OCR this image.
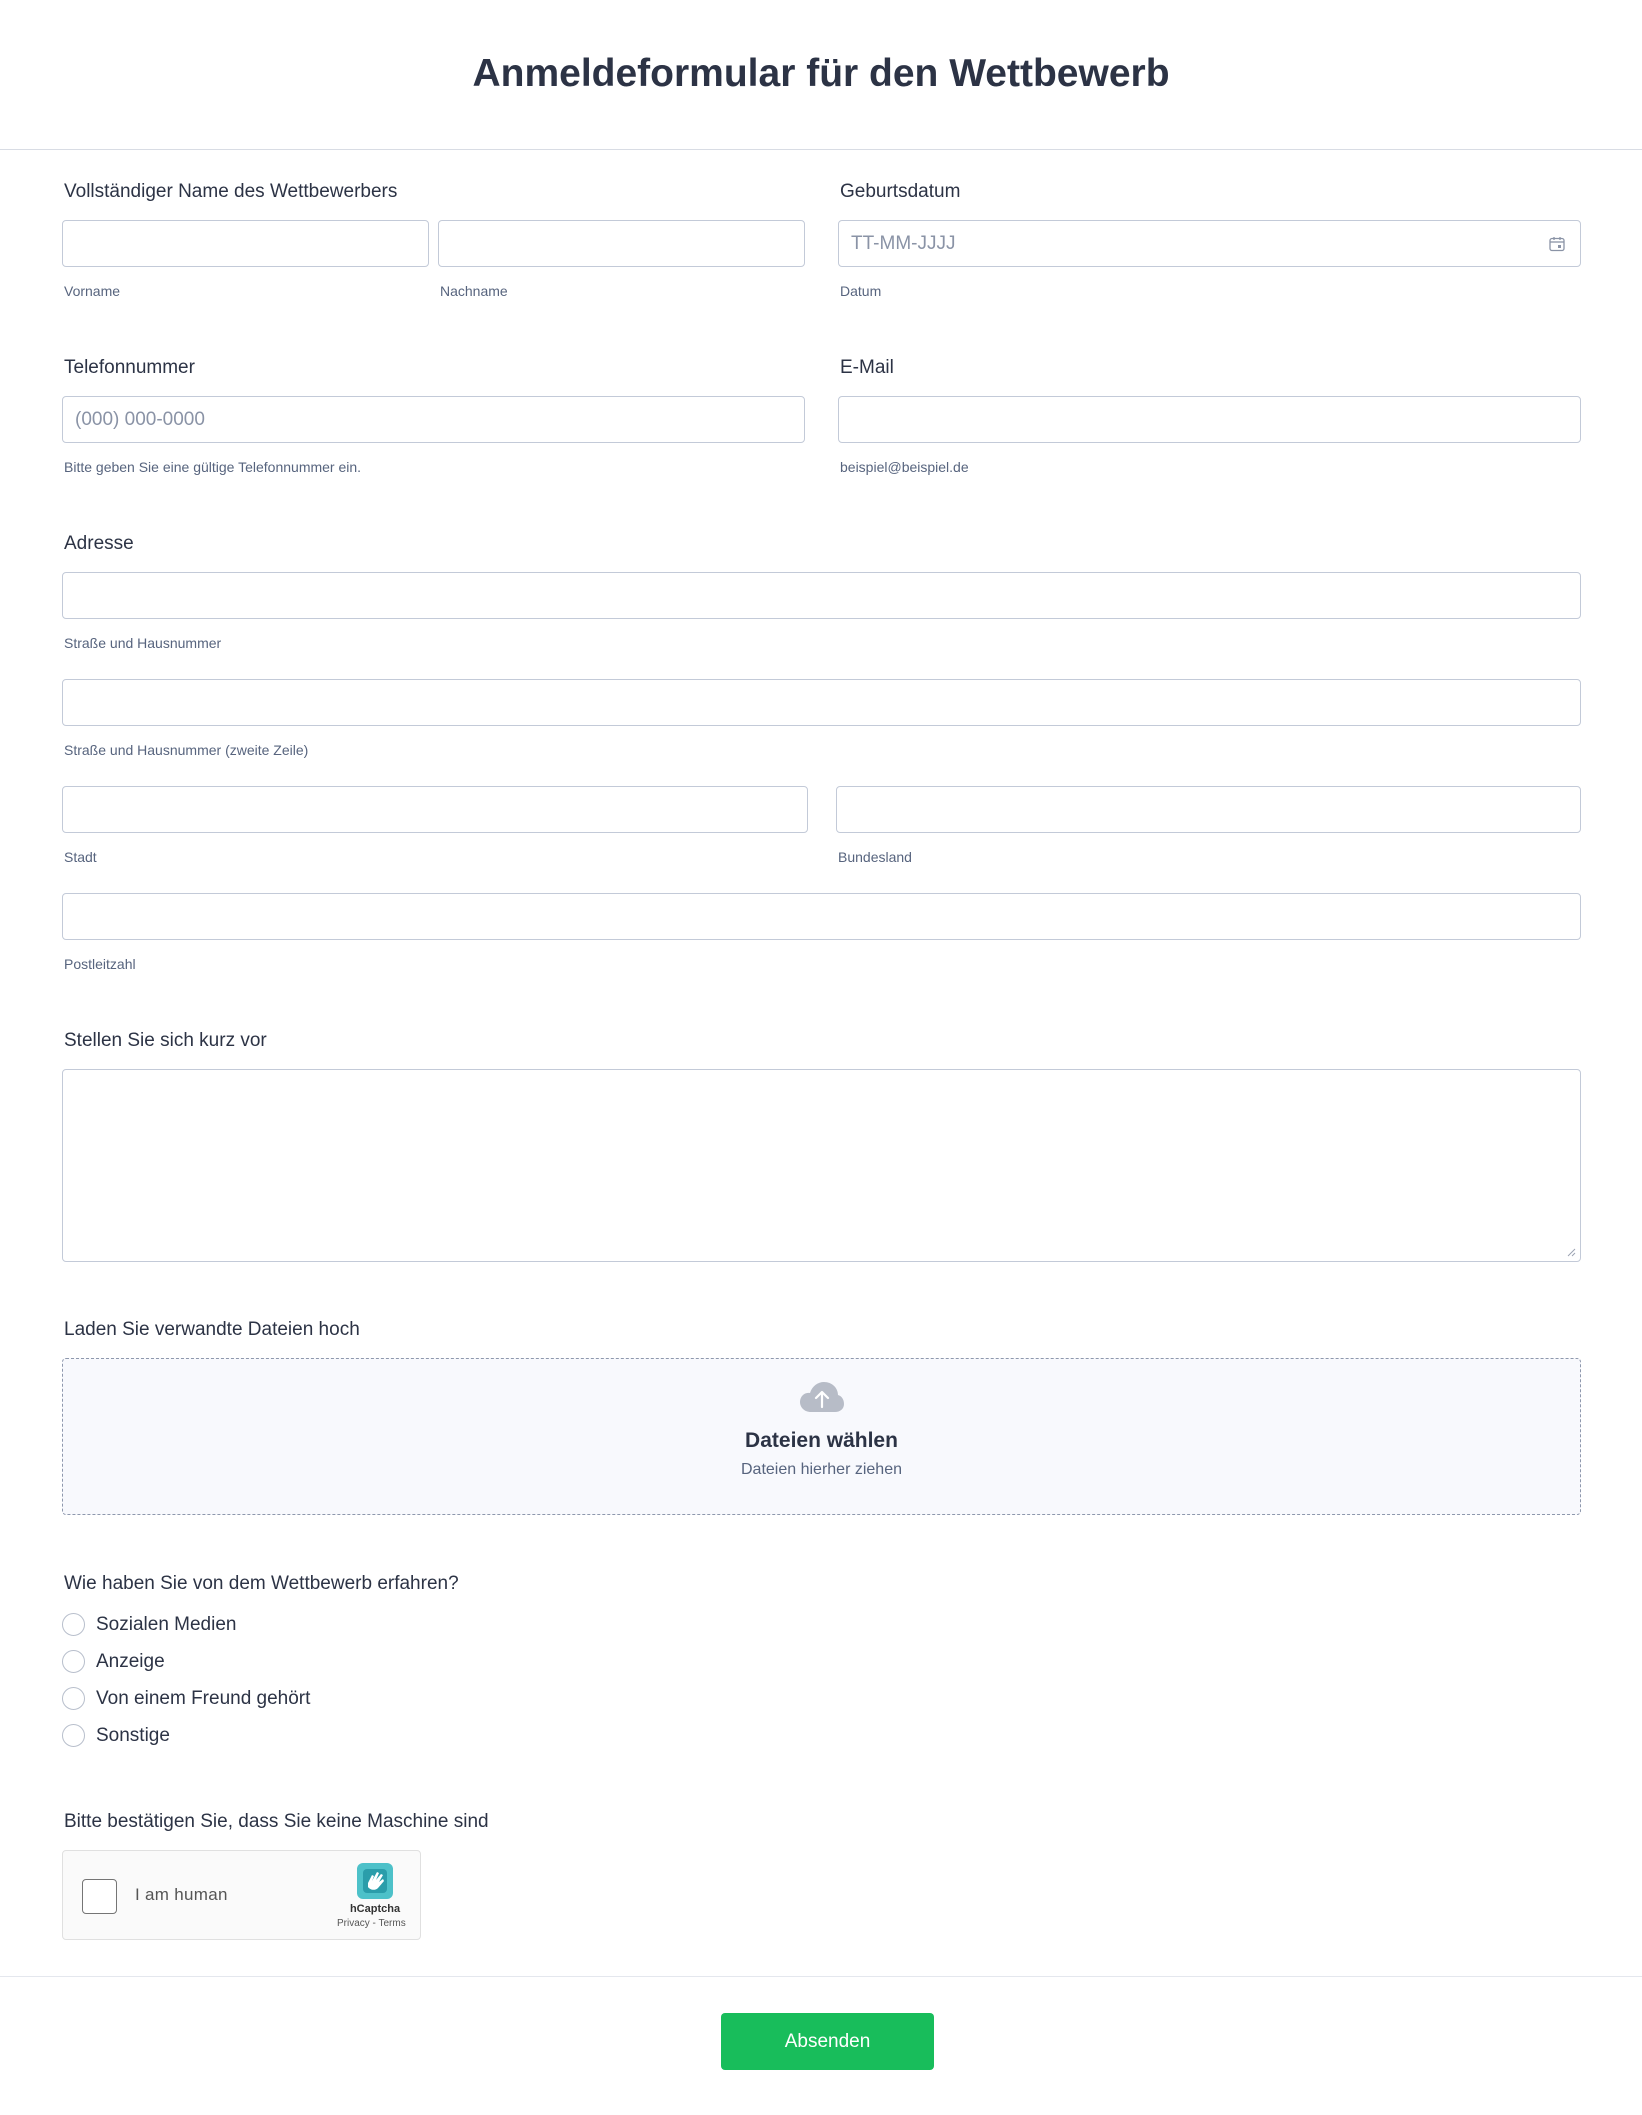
Anmeldeformular für den Wettbewerb
Vollständiger Name des Wettbewerbers
Vorname	Nachname
Geburtsdatum
TT-MM-JJJJ
Datum
Telefonnummer
(000) 000-0000
Bitte geben Sie eine gültige Telefonnummer ein.
E-Mail
beispiel@beispiel.de
Adresse
Straße und Hausnummer
Straße und Hausnummer (zweite Zeile)
Stadt	Bundesland
Postleitzahl
Stellen Sie sich kurz vor
Laden Sie verwandte Dateien hoch
Dateien wählen
Dateien hierher ziehen
Wie haben Sie von dem Wettbewerb erfahren?
Sozialen Medien
Anzeige
Von einem Freund gehört
Sonstige
Bitte bestätigen Sie, dass Sie keine Maschine sind
I am human
hCaptcha
Privacy - Terms
Absenden
